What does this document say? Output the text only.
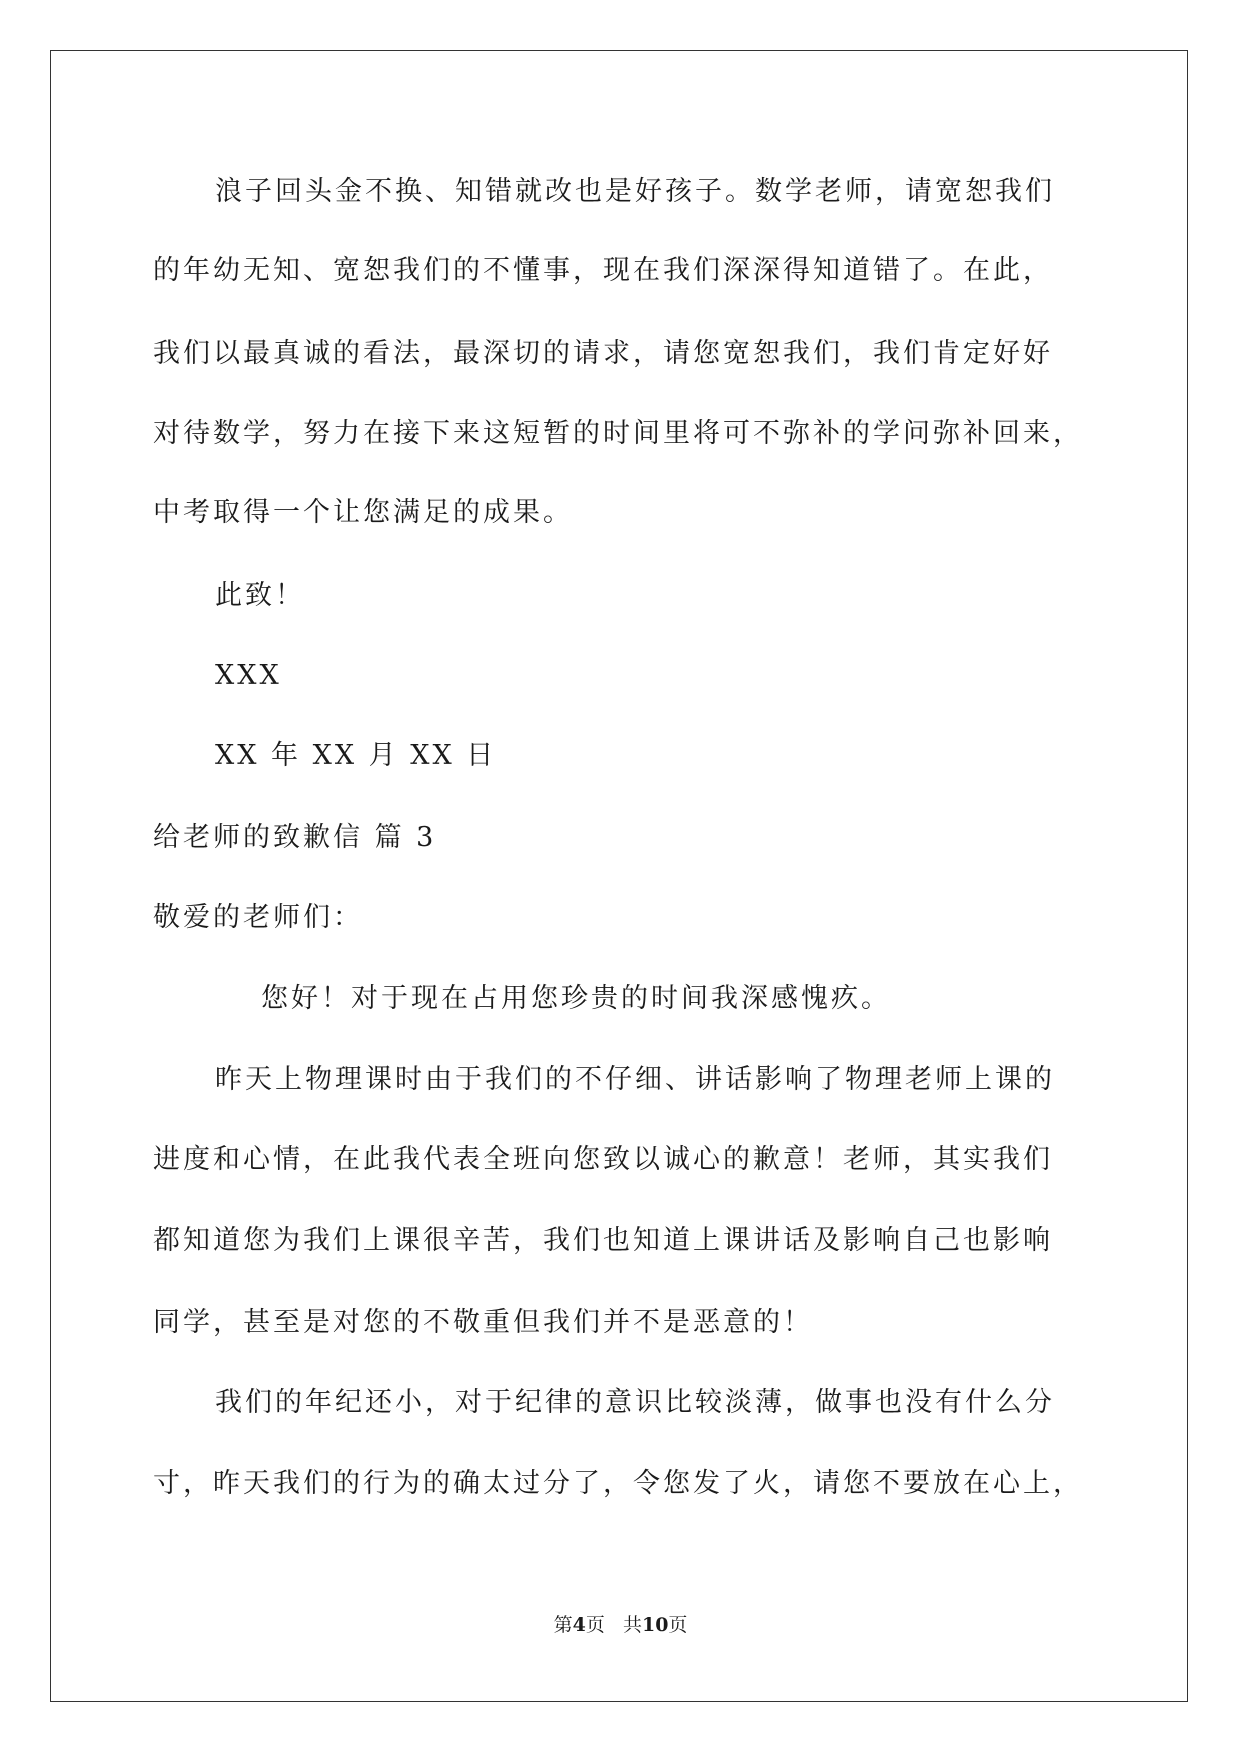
浪子回头金不换、知错就改也是好孩子。数学老师，请宽恕我们
的年幼无知、宽恕我们的不懂事，现在我们深深得知道错了。在此，
我们以最真诚的看法，最深切的请求，请您宽恕我们，我们肯定好好
对待数学，努力在接下来这短暂的时间里将可不弥补的学问弥补回来，
中考取得一个让您满足的成果。
此致！
XXX
XX 年 XX 月 XX 日
给老师的致歉信 篇 3
敬爱的老师们：
您好！对于现在占用您珍贵的时间我深感愧疚。
昨天上物理课时由于我们的不仔细、讲话影响了物理老师上课的
进度和心情，在此我代表全班向您致以诚心的歉意！老师，其实我们
都知道您为我们上课很辛苦，我们也知道上课讲话及影响自己也影响
同学，甚至是对您的不敬重但我们并不是恶意的！
我们的年纪还小，对于纪律的意识比较淡薄，做事也没有什么分
寸，昨天我们的行为的确太过分了，令您发了火，请您不要放在心上，
第4页 共10页
